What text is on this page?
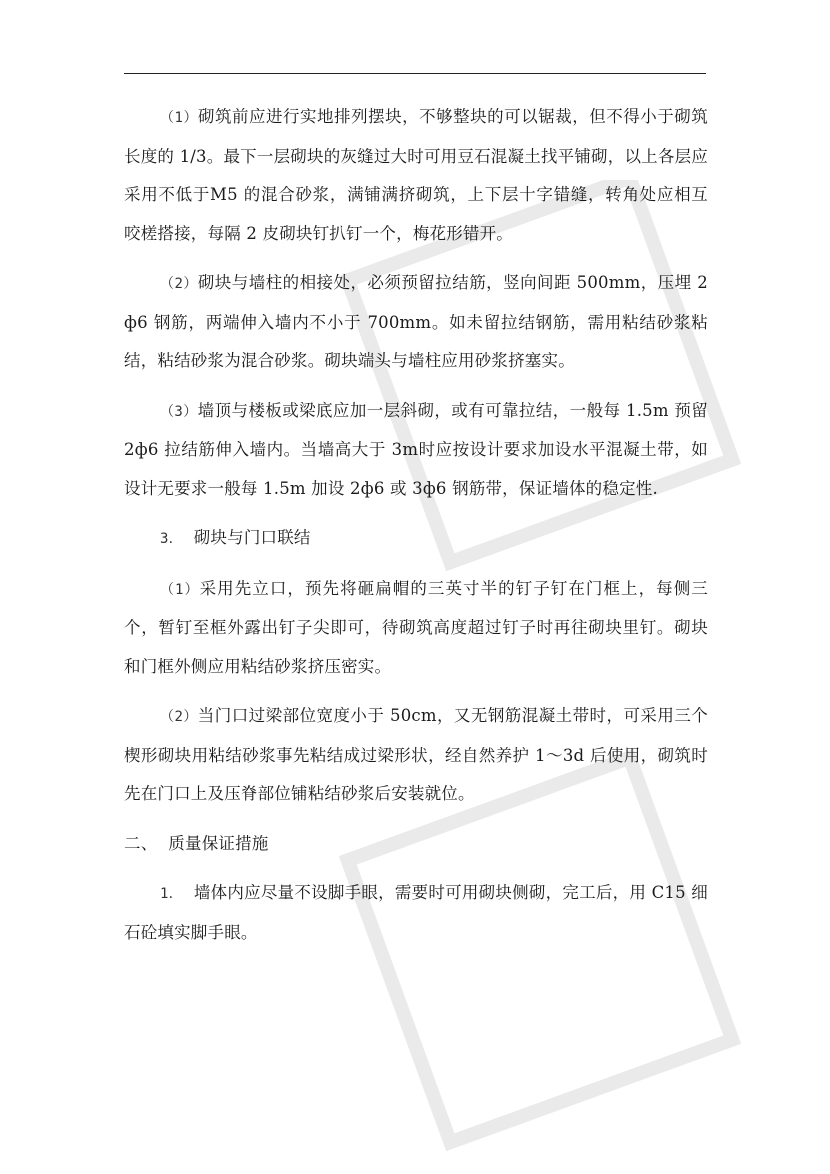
（1）砌筑前应进行实地排列摆块，不够整块的可以锯裁，但不得小于砌筑长度的 1/3。最下一层砌块的灰缝过大时可用豆石混凝土找平铺砌，以上各层应采用不低于M5 的混合砂浆，满铺满挤砌筑，上下层十字错缝，转角处应相互咬槎搭接，每隔 2 皮砌块钉扒钉一个，梅花形错开。

（2）砌块与墙柱的相接处，必须预留拉结筋，竖向间距 500mm，压埋 2 ф6 钢筋，两端伸入墙内不小于 700mm。如未留拉结钢筋，需用粘结砂浆粘结，粘结砂浆为混合砂浆。砌块端头与墙柱应用砂浆挤塞实。

（3）墙顶与楼板或梁底应加一层斜砌，或有可靠拉结，一般每 1.5m 预留 2ф6 拉结筋伸入墙内。当墙高大于 3m时应按设计要求加设水平混凝土带，如设计无要求一般每 1.5m 加设 2ф6 或 3ф6 钢筋带，保证墙体的稳定性.

3． 砌块与门口联结

（1）采用先立口，预先将砸扁帽的三英寸半的钉子钉在门框上，每侧三个，暂钉至框外露出钉子尖即可，待砌筑高度超过钉子时再往砌块里钉。砌块和门框外侧应用粘结砂浆挤压密实。

（2）当门口过梁部位宽度小于 50cm，又无钢筋混凝土带时，可采用三个楔形砌块用粘结砂浆事先粘结成过梁形状，经自然养护 1～3d 后使用，砌筑时先在门口上及压脊部位铺粘结砂浆后安装就位。

二、 质量保证措施

1． 墙体内应尽量不设脚手眼，需要时可用砌块侧砌，完工后，用 C15 细石砼填实脚手眼。
